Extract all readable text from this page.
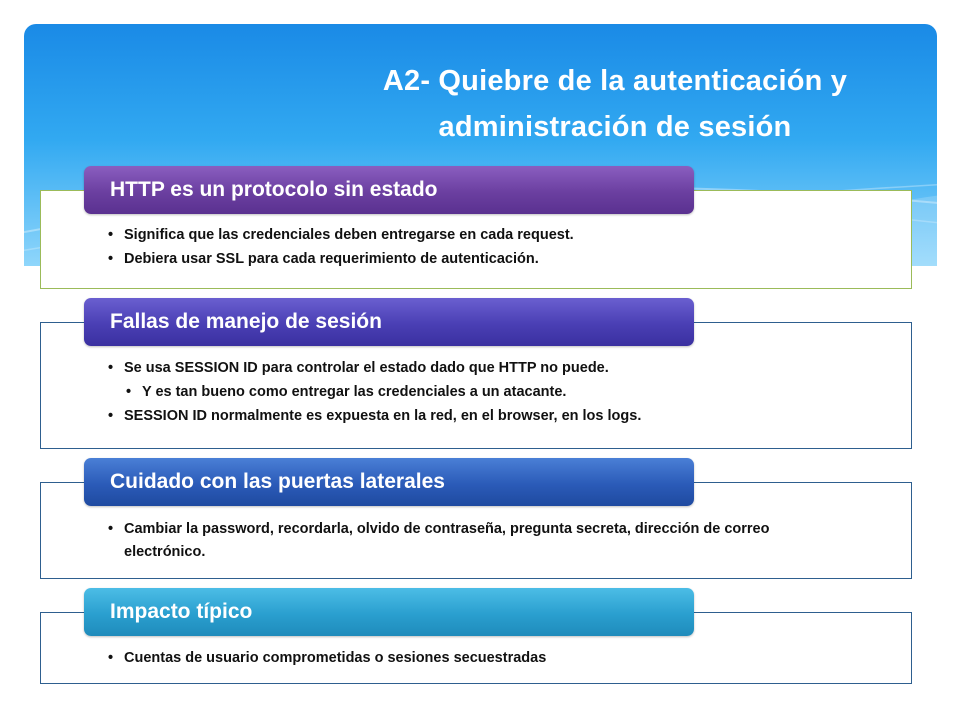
A2- Quiebre de la autenticación y
administración de sesión
HTTP es un protocolo sin estado
• Significa que las credenciales deben entregarse en cada request.
• Debiera usar SSL para cada requerimiento de autenticación.
Fallas de manejo de sesión
• Se usa SESSION ID para controlar el estado dado que HTTP no puede.
• Y es tan bueno como entregar las credenciales a un atacante.
• SESSION ID normalmente es expuesta en la red, en el browser, en los logs.
Cuidado con las puertas laterales
• Cambiar la password, recordarla, olvido de contraseña, pregunta secreta, dirección de correo electrónico.
Impacto típico
• Cuentas de usuario comprometidas o sesiones secuestradas
